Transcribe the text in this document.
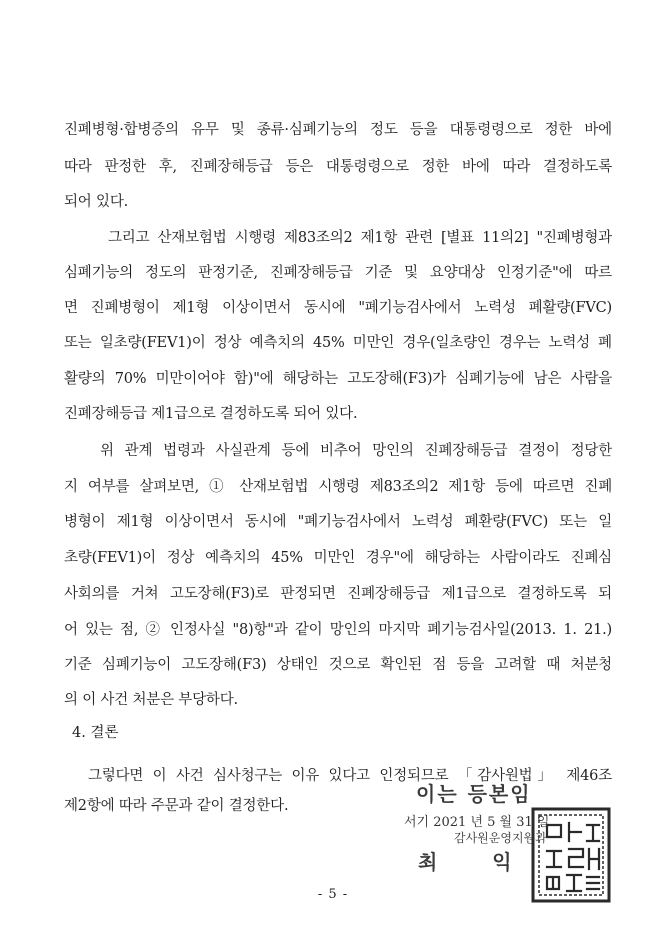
진폐병형·합병증의 유무 및 종류·심폐기능의 정도 등을 대통령령으로 정한 바에
따라 판정한 후, 진폐장해등급 등은 대통령령으로 정한 바에 따라 결정하도록
되어 있다.
그리고 산재보험법 시행령 제83조의2 제1항 관련 [별표 11의2] "진폐병형과
심폐기능의 정도의 판정기준, 진폐장해등급 기준 및 요양대상 인정기준"에 따르
면 진폐병형이 제1형 이상이면서 동시에 "폐기능검사에서 노력성 폐활량(FVC)
또는 일초량(FEV1)이 정상 예측치의 45% 미만인 경우(일초량인 경우는 노력성 폐
활량의 70% 미만이어야 함)"에 해당하는 고도장해(F3)가 심폐기능에 남은 사람을
진폐장해등급 제1급으로 결정하도록 되어 있다.
위 관계 법령과 사실관계 등에 비추어 망인의 진폐장해등급 결정이 정당한
지 여부를 살펴보면, ① 산재보험법 시행령 제83조의2 제1항 등에 따르면 진폐
병형이 제1형 이상이면서 동시에 "폐기능검사에서 노력성 폐환량(FVC) 또는 일
초량(FEV1)이 정상 예측치의 45% 미만인 경우"에 해당하는 사람이라도 진폐심
사회의를 거쳐 고도장해(F3)로 판정되면 진폐장해등급 제1급으로 결정하도록 되
어 있는 점, ② 인정사실 "8)항"과 같이 망인의 마지막 폐기능검사일(2013. 1. 21.)
기준 심폐기능이 고도장해(F3) 상태인 것으로 확인된 점 등을 고려할 때 처분청
의 이 사건 처분은 부당하다.
4. 결론
그렇다면 이 사건 심사청구는 이유 있다고 인정되므로 「감사원법」 제46조
제2항에 따라 주문과 같이 결정한다.	이는 등본임
서기 2021 년 5 월 31 일
감사원운영지원과
최 익
- 5 -
